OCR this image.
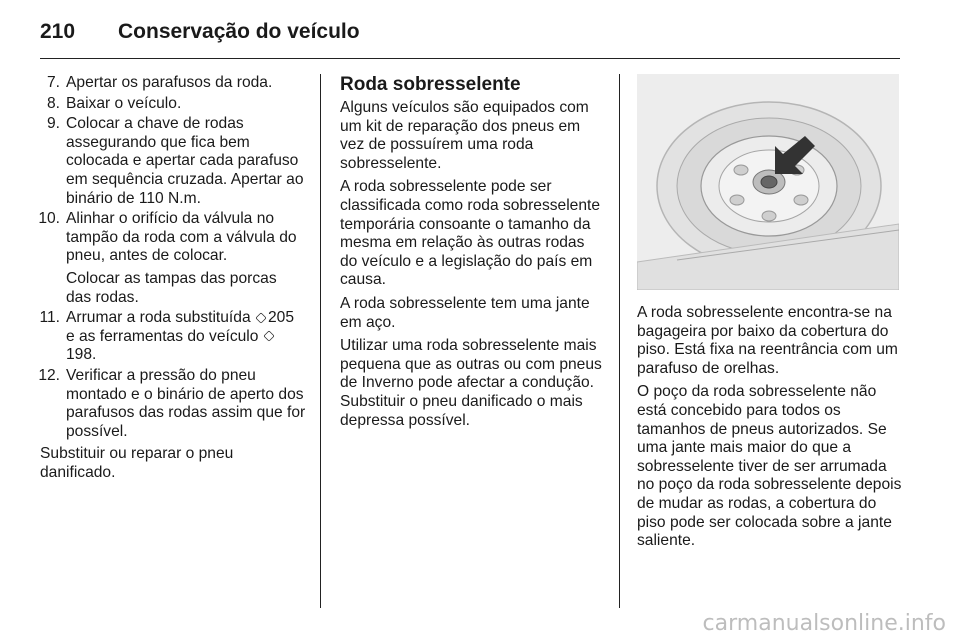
210 Conservação do veículo
7. Apertar os parafusos da roda.
8. Baixar o veículo.
9. Colocar a chave de rodas assegurando que fica bem colocada e apertar cada parafuso em sequência cruzada. Apertar ao binário de 110 N.m.
10. Alinhar o orifício da válvula no tampão da roda com a válvula do pneu, antes de colocar.
Colocar as tampas das porcas das rodas.
11. Arrumar a roda substituída 205 e as ferramentas do veículo 198.
12. Verificar a pressão do pneu montado e o binário de aperto dos parafusos das rodas assim que for possível.

Substituir ou reparar o pneu danificado.

Roda sobresselente

Alguns veículos são equipados com um kit de reparação dos pneus em vez de possuírem uma roda sobresselente.

A roda sobresselente pode ser classificada como roda sobresselente temporária consoante o tamanho da mesma em relação às outras rodas do veículo e a legislação do país em causa.

A roda sobresselente tem uma jante em aço.

Utilizar uma roda sobresselente mais pequena que as outras ou com pneus de Inverno pode afectar a condução. Substituir o pneu danificado o mais depressa possível.

A roda sobresselente encontra-se na bagageira por baixo da cobertura do piso. Está fixa na reentrância com um parafuso de orelhas.

O poço da roda sobresselente não está concebido para todos os tamanhos de pneus autorizados. Se uma jante mais maior do que a sobresselente tiver de ser arrumada no poço da roda sobresselente depois de mudar as rodas, a cobertura do piso pode ser colocada sobre a jante saliente.

carmanualsonline.info
